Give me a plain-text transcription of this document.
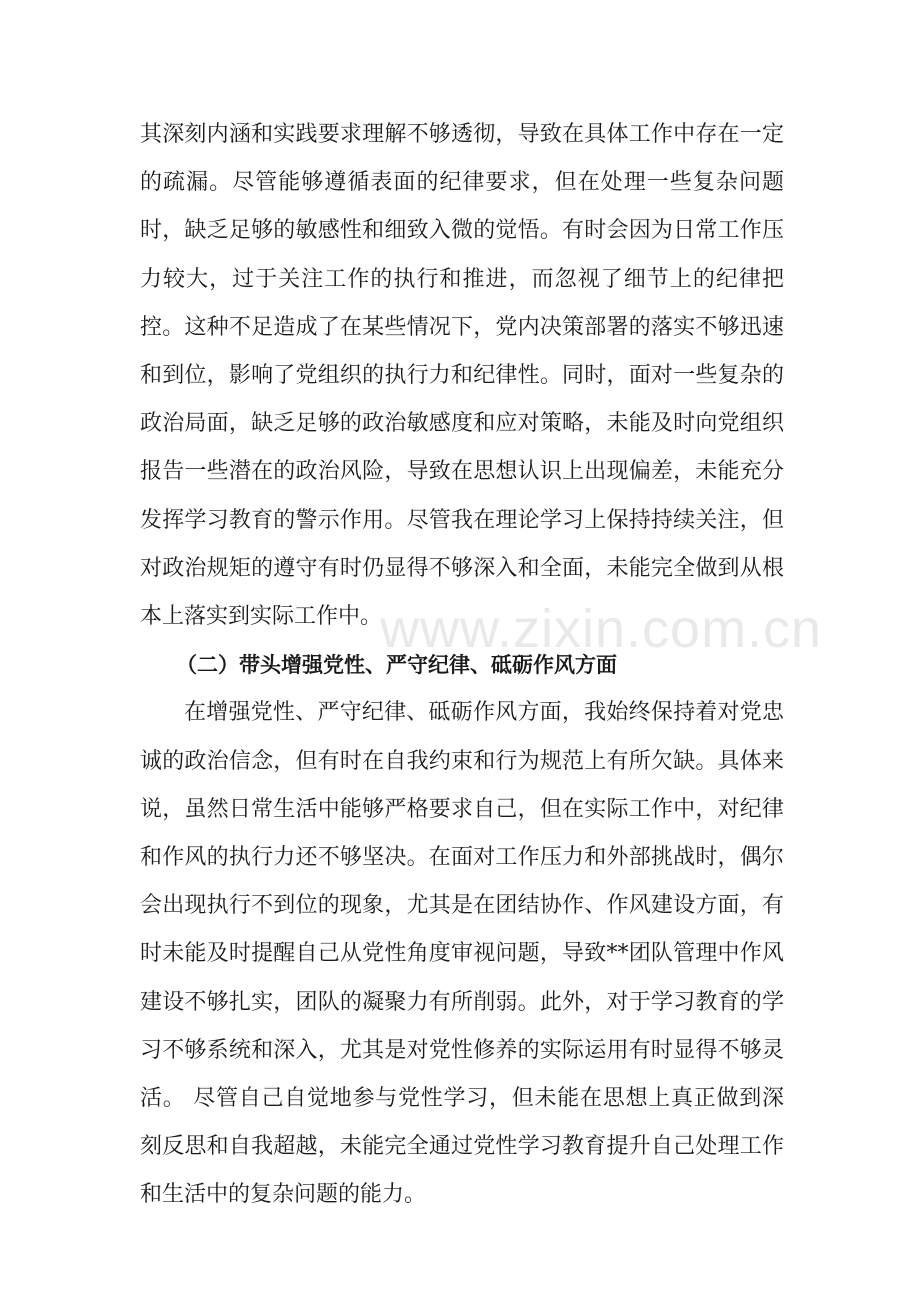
其深刻内涵和实践要求理解不够透彻，导致在具体工作中存在一定的疏漏。尽管能够遵循表面的纪律要求，但在处理一些复杂问题时，缺乏足够的敏感性和细致入微的觉悟。有时会因为日常工作压力较大，过于关注工作的执行和推进，而忽视了细节上的纪律把控。这种不足造成了在某些情况下，党内决策部署的落实不够迅速和到位，影响了党组织的执行力和纪律性。同时，面对一些复杂的政治局面，缺乏足够的政治敏感度和应对策略，未能及时向党组织报告一些潜在的政治风险，导致在思想认识上出现偏差，未能充分发挥学习教育的警示作用。尽管我在理论学习上保持持续关注，但对政治规矩的遵守有时仍显得不够深入和全面，未能完全做到从根本上落实到实际工作中。

（二）带头增强党性、严守纪律、砥砺作风方面

在增强党性、严守纪律、砥砺作风方面，我始终保持着对党忠诚的政治信念，但有时在自我约束和行为规范上有所欠缺。具体来说，虽然日常生活中能够严格要求自己，但在实际工作中，对纪律和作风的执行力还不够坚决。在面对工作压力和外部挑战时，偶尔会出现执行不到位的现象，尤其是在团结协作、作风建设方面，有时未能及时提醒自己从党性角度审视问题，导致**团队管理中作风建设不够扎实，团队的凝聚力有所削弱。此外，对于学习教育的学习不够系统和深入，尤其是对党性修养的实际运用有时显得不够灵活。 尽管自己自觉地参与党性学习，但未能在思想上真正做到深刻反思和自我超越，未能完全通过党性学习教育提升自己处理工作和生活中的复杂问题的能力。

www.zixin.com.cn
